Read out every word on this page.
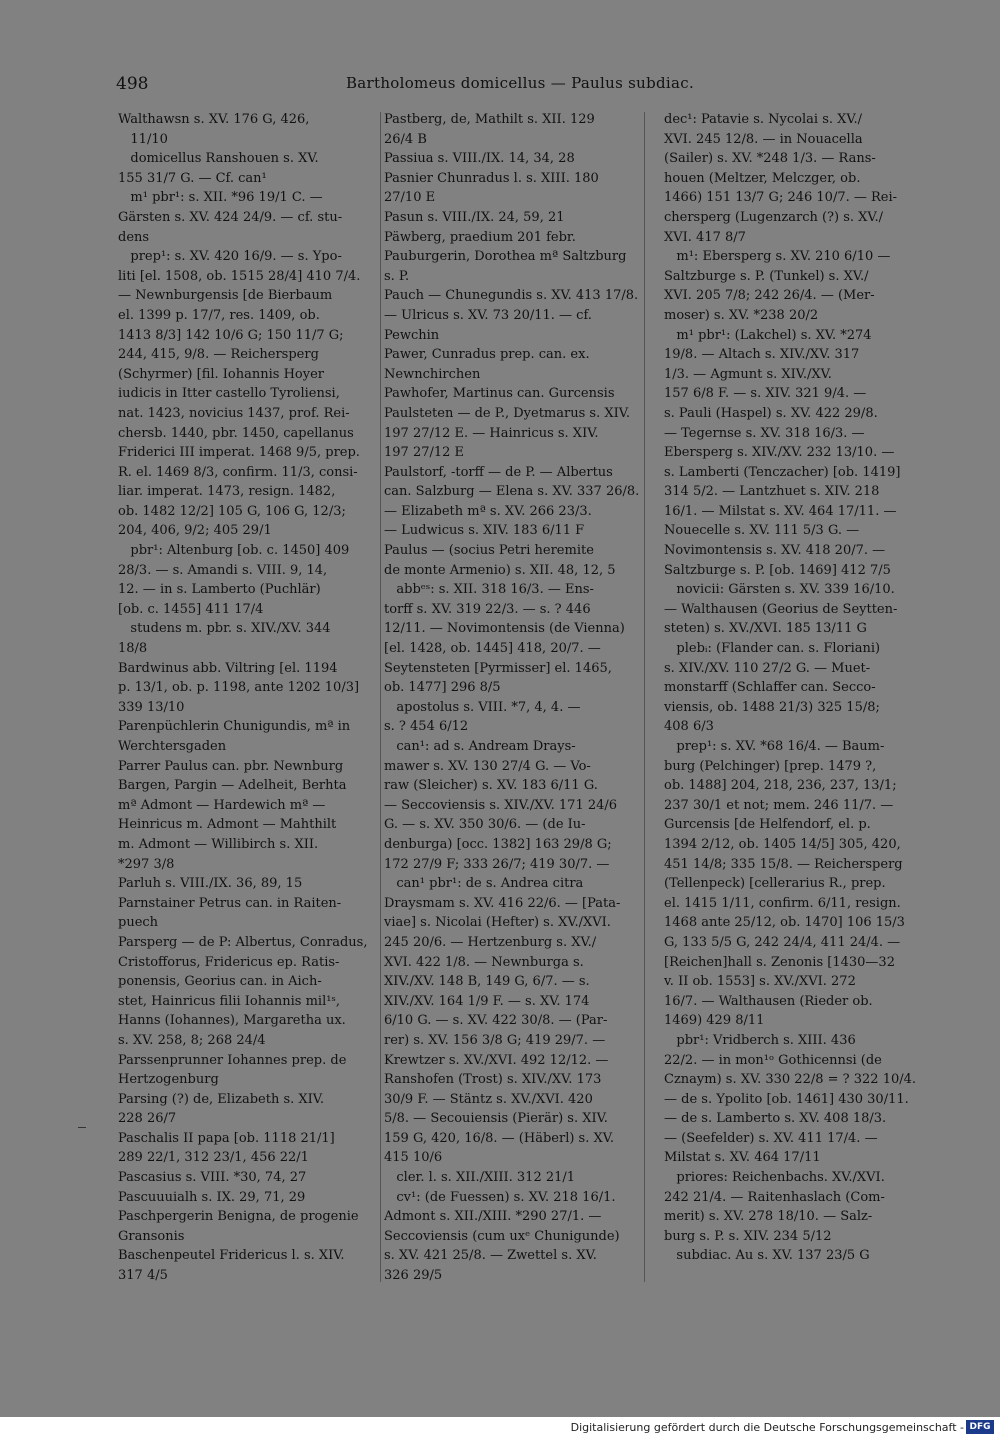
498	Bartholomeus domicellus — Paulus subdiac.
Walthawsn s. XV. 176 G, 426,
11/10
domicellus Ranshouen s. XV.
155 31/7 G. — Cf. can¹
m¹ pbr¹: s. XII. *96 19/1 C. —
Gärsten s. XV. 424 24/9. — cf. stu-
dens
prep¹: s. XV. 420 16/9. — s. Ypo-
liti [el. 1508, ob. 1515 28/4] 410 7/4.
— Newnburgensis [de Bierbaum
el. 1399 p. 17/7, res. 1409, ob.
1413 8/3] 142 10/6 G; 150 11/7 G;
244, 415, 9/8. — Reichersperg
(Schyrmer) [fil. Iohannis Hoyer
iudicis in Itter castello Tyroliensi,
nat. 1423, novicius 1437, prof. Rei-
chersb. 1440, pbr. 1450, capellanus
Friderici III imperat. 1468 9/5, prep.
R. el. 1469 8/3, confirm. 11/3, consi-
liar. imperat. 1473, resign. 1482,
ob. 1482 12/2] 105 G, 106 G, 12/3;
204, 406, 9/2; 405 29/1
pbr¹: Altenburg [ob. c. 1450] 409
28/3. — s. Amandi s. VIII. 9, 14,
12. — in s. Lamberto (Puchlär)
[ob. c. 1455] 411 17/4
studens m. pbr. s. XIV./XV. 344
18/8
Bardwinus abb. Viltring [el. 1194
p. 13/1, ob. p. 1198, ante 1202 10/3]
339 13/10
Parenpüchlerin Chunigundis, mª in
Werchtersgaden
Parrer Paulus can. pbr. Newnburg
Bargen, Pargin — Adelheit, Berhta
mª Admont — Hardewich mª —
Heinricus m. Admont — Mahthilt
m. Admont — Willibirch s. XII.
*297 3/8
Parluh s. VIII./IX. 36, 89, 15
Parnstainer Petrus can. in Raiten-
puech
Parsperg — de P: Albertus, Conradus,
Cristofforus, Fridericus ep. Ratis-
ponensis, Georius can. in Aich-
stet, Hainricus filii Iohannis mil¹ˢ,
Hanns (Iohannes), Margaretha ux.
s. XV. 258, 8; 268 24/4
Parssenprunner Iohannes prep. de
Hertzogenburg
Parsing (?) de, Elizabeth s. XIV.
228 26/7
Paschalis II papa [ob. 1118 21/1]
289 22/1, 312 23/1, 456 22/1
Pascasius s. VIII. *30, 74, 27
Pascuuuialh s. IX. 29, 71, 29
Paschpergerin Benigna, de progenie
Gransonis
Baschenpeutel Fridericus l. s. XIV.
317 4/5
Pastberg, de, Mathilt s. XII. 129
26/4 B
Passiua s. VIII./IX. 14, 34, 28
Pasnier Chunradus l. s. XIII. 180
27/10 E
Pasun s. VIII./IX. 24, 59, 21
Päwberg, praedium 201 febr.
Pauburgerin, Dorothea mª Saltzburg
s. P.
Pauch — Chunegundis s. XV. 413 17/8.
— Ulricus s. XV. 73 20/11. — cf.
Pewchin
Pawer, Cunradus prep. can. ex.
Newnchirchen
Pawhofer, Martinus can. Gurcensis
Paulsteten — de P., Dyetmarus s. XIV.
197 27/12 E. — Hainricus s. XIV.
197 27/12 E
Paulstorf, -torff — de P. — Albertus
can. Salzburg — Elena s. XV. 337 26/8.
— Elizabeth mª s. XV. 266 23/3.
— Ludwicus s. XIV. 183 6/11 F
Paulus — (socius Petri heremite
de monte Armenio) s. XII. 48, 12, 5
abbᵉˢ: s. XII. 318 16/3. — Ens-
torff s. XV. 319 22/3. — s. ? 446
12/11. — Novimontensis (de Vienna)
[el. 1428, ob. 1445] 418, 20/7. —
Seytensteten [Pyrmisser] el. 1465,
ob. 1477] 296 8/5
apostolus s. VIII. *7, 4, 4. —
s. ? 454 6/12
can¹: ad s. Andream Drays-
mawer s. XV. 130 27/4 G. — Vo-
raw (Sleicher) s. XV. 183 6/11 G.
— Seccoviensis s. XIV./XV. 171 24/6
G. — s. XV. 350 30/6. — (de Iu-
denburga) [occ. 1382] 163 29/8 G;
172 27/9 F; 333 26/7; 419 30/7. —
can¹ pbr¹: de s. Andrea citra
Draysmam s. XV. 416 22/6. — [Pata-
viae] s. Nicolai (Hefter) s. XV./XVI.
245 20/6. — Hertzenburg s. XV./
XVI. 422 1/8. — Newnburga s.
XIV./XV. 148 B, 149 G, 6/7. — s.
XIV./XV. 164 1/9 F. — s. XV. 174
6/10 G. — s. XV. 422 30/8. — (Par-
rer) s. XV. 156 3/8 G; 419 29/7. —
Krewtzer s. XV./XVI. 492 12/12. —
Ranshofen (Trost) s. XIV./XV. 173
30/9 F. — Stäntz s. XV./XVI. 420
5/8. — Secouiensis (Pierär) s. XIV.
159 G, 420, 16/8. — (Häberl) s. XV.
415 10/6
cler. l. s. XII./XIII. 312 21/1
cv¹: (de Fuessen) s. XV. 218 16/1.
Admont s. XII./XIII. *290 27/1. —
Seccoviensis (cum uxᵉ Chunigunde)
s. XV. 421 25/8. — Zwettel s. XV.
326 29/5
dec¹: Patavie s. Nycolai s. XV./
XVI. 245 12/8. — in Nouacella
(Sailer) s. XV. *248 1/3. — Rans-
houen (Meltzer, Melczger, ob.
1466) 151 13/7 G; 246 10/7. — Rei-
chersperg (Lugenzarch (?) s. XV./
XVI. 417 8/7
m¹: Ebersperg s. XV. 210 6/10 —
Saltzburge s. P. (Tunkel) s. XV./
XVI. 205 7/8; 242 26/4. — (Mer-
moser) s. XV. *238 20/2
m¹ pbr¹: (Lakchel) s. XV. *274
19/8. — Altach s. XIV./XV. 317
1/3. — Agmunt s. XIV./XV.
157 6/8 F. — s. XIV. 321 9/4. —
s. Pauli (Haspel) s. XV. 422 29/8.
— Tegernse s. XV. 318 16/3. —
Ebersperg s. XIV./XV. 232 13/10. —
s. Lamberti (Tenczacher) [ob. 1419]
314 5/2. — Lantzhuet s. XIV. 218
16/1. — Milstat s. XV. 464 17/11. —
Nouecelle s. XV. 111 5/3 G. —
Novimontensis s. XV. 418 20/7. —
Saltzburge s. P. [ob. 1469] 412 7/5
novicii: Gärsten s. XV. 339 16/10.
— Walthausen (Georius de Seytten-
steten) s. XV./XVI. 185 13/11 G
plebᵢ: (Flander can. s. Floriani)
s. XIV./XV. 110 27/2 G. — Muet-
monstarff (Schlaffer can. Secco-
viensis, ob. 1488 21/3) 325 15/8;
408 6/3
prep¹: s. XV. *68 16/4. — Baum-
burg (Pelchinger) [prep. 1479 ?,
ob. 1488] 204, 218, 236, 237, 13/1;
237 30/1 et not; mem. 246 11/7. —
Gurcensis [de Helfendorf, el. p.
1394 2/12, ob. 1405 14/5] 305, 420,
451 14/8; 335 15/8. — Reichersperg
(Tellenpeck) [cellerarius R., prep.
el. 1415 1/11, confirm. 6/11, resign.
1468 ante 25/12, ob. 1470] 106 15/3
G, 133 5/5 G, 242 24/4, 411 24/4. —
[Reichen]hall s. Zenonis [1430—32
v. II ob. 1553] s. XV./XVI. 272
16/7. — Walthausen (Rieder ob.
1469) 429 8/11
pbr¹: Vridberch s. XIII. 436
22/2. — in mon¹ᵒ Gothicennsi (de
Cznaym) s. XV. 330 22/8 = ? 322 10/4.
— de s. Ypolito [ob. 1461] 430 30/11.
— de s. Lamberto s. XV. 408 18/3.
— (Seefelder) s. XV. 411 17/4. —
Milstat s. XV. 464 17/11
priores: Reichenbachs. XV./XVI.
242 21/4. — Raitenhaslach (Com-
merit) s. XV. 278 18/10. — Salz-
burg s. P. s. XIV. 234 5/12
subdiac. Au s. XV. 137 23/5 G
Digitalisierung gefördert durch die Deutsche Forschungsgemeinschaft - DFG
